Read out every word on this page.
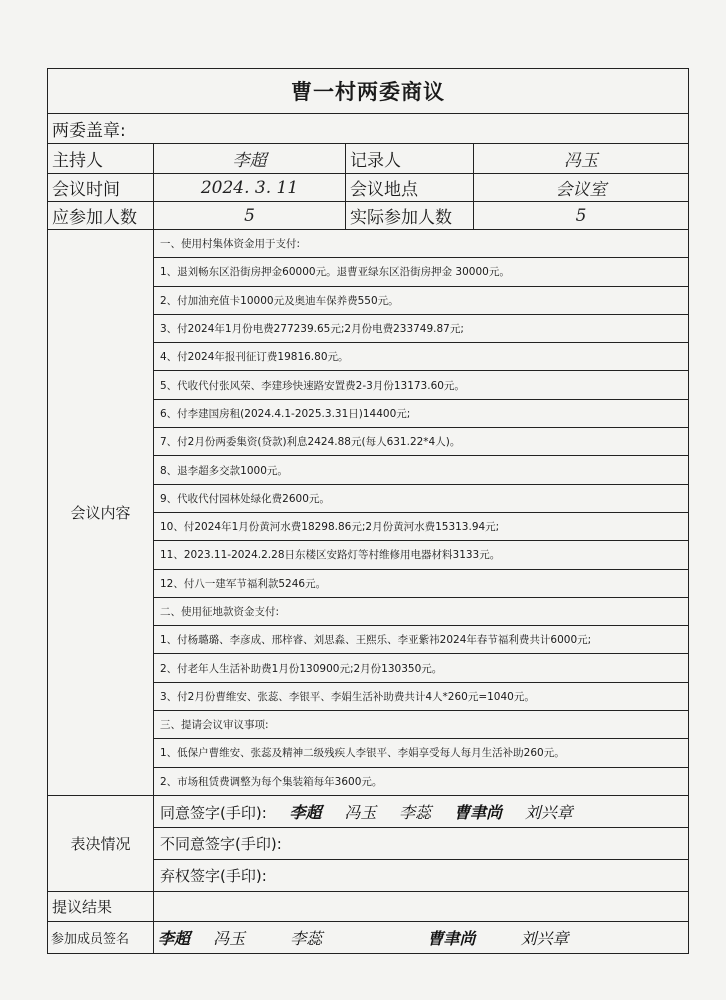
曹一村两委商议			
两委盖章:			
主持人	李超	记录人	冯玉
会议时间	2024. 3. 11	会议地点	会议室
应参加人数	5	实际参加人数	5
会议内容	一、使用村集体资金用于支付:		
	1、退刘畅东区沿街房押金60000元。退曹亚绿东区沿街房押金 30000元。		
	2、付加油充值卡10000元及奥迪车保养费550元。		
	3、付2024年1月份电费277239.65元;2月份电费233749.87元;		
	4、付2024年报刊征订费19816.80元。		
	5、代收代付张风荣、李建珍快速路安置费2-3月份13173.60元。		
	6、付李建国房租(2024.4.1-2025.3.31日)14400元;		
	7、付2月份两委集资(贷款)利息2424.88元(每人631.22*4人)。		
	8、退李超多交款1000元。		
	9、代收代付园林处绿化费2600元。		
	10、付2024年1月份黄河水费18298.86元;2月份黄河水费15313.94元;		
	11、2023.11-2024.2.28日东楼区安路灯等村维修用电器材料3133元。		
	12、付八一建军节福利款5246元。		
	二、使用征地款资金支付:		
	1、付杨璐璐、李彦成、邢梓睿、刘思淼、王熙乐、李亚紫祎2024年春节福利费共计6000元;		
	2、付老年人生活补助费1月份130900元;2月份130350元。		
	3、付2月份曹维安、张蕊、李银平、李娟生活补助费共计4人*260元=1040元。		
	三、提请会议审议事项:		
	1、低保户曹维安、张蕊及精神二级残疾人李银平、李娟享受每人每月生活补助260元。		
	2、市场租赁费调整为每个集装箱每年3600元。		
表决情况	同意签字(手印): 李超 冯玉 李蕊 曹聿尚 刘兴章		
	不同意签字(手印):		
	弃权签字(手印):		
提议结果			
参加成员签名	李超 冯玉 李蕊 曹聿尚 刘兴章		
